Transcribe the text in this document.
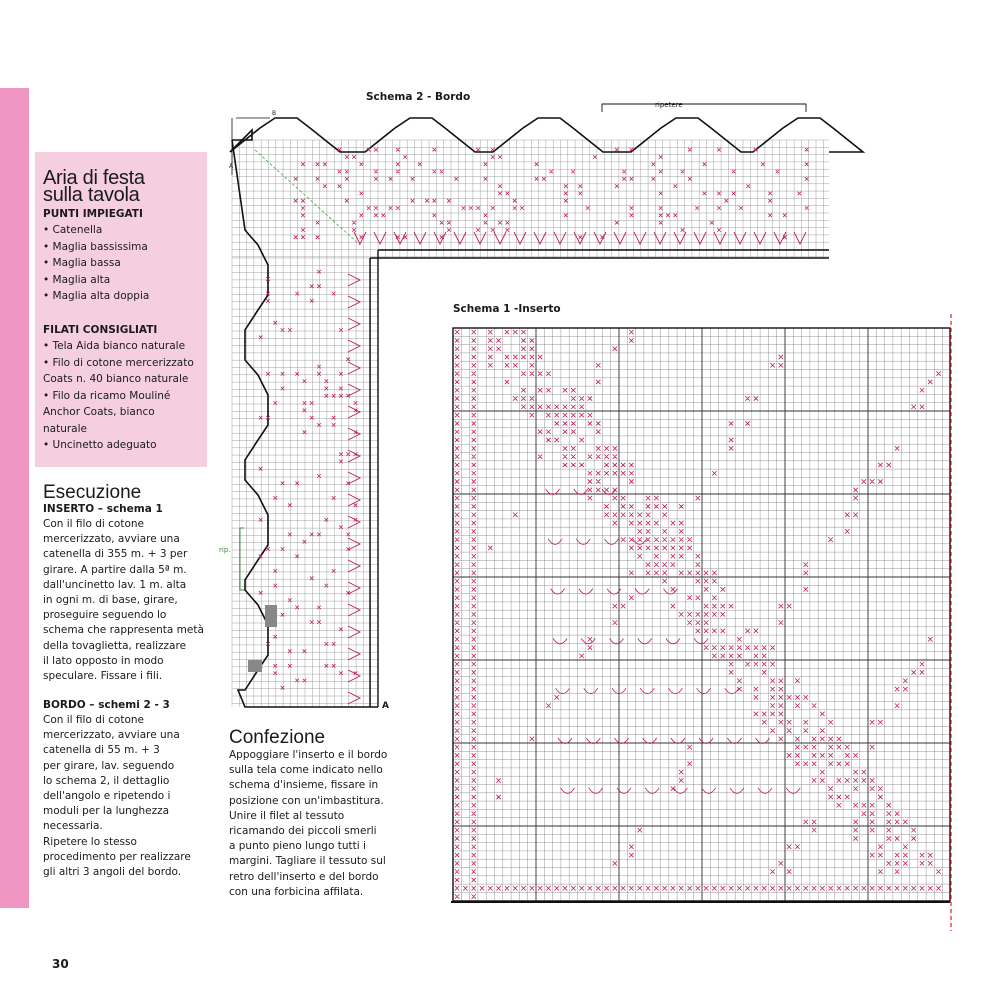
Aria di festa
sulla tavola
PUNTI IMPIEGATI
• Catenella
• Maglia bassissima
• Maglia bassa
• Maglia alta
• Maglia alta doppia
FILATI CONSIGLIATI
• Tela Aida bianco naturale
• Filo di cotone mercerizzato
Coats n. 40 bianco naturale
• Filo da ricamo Mouliné
Anchor Coats, bianco
naturale
• Uncinetto adeguato
Esecuzione
INSERTO – schema 1
Con il filo di cotone
mercerizzato, avviare una
catenella di 355 m. + 3 per
girare. A partire dalla 5ª m.
dall'uncinetto lav. 1 m. alta
in ogni m. di base, girare,
proseguire seguendo lo
schema che rappresenta metà
della tovaglietta, realizzare
il lato opposto in modo
speculare. Fissare i fili.
BORDO – schemi 2 - 3
Con il filo di cotone
mercerizzato, avviare una
catenella di 55 m. + 3
per girare, lav. seguendo
lo schema 2, il dettaglio
dell'angolo e ripetendo i
moduli per la lunghezza
necessaria.
Ripetere lo stesso
procedimento per realizzare
gli altri 3 angoli del bordo.
Confezione
Appoggiare l'inserto e il bordo
sulla tela come indicato nello
schema d'insieme, fissare in
posizione con un'imbastitura.
Unire il filet al tessuto
ricamando dei piccoli smerli
a punto pieno lungo tutti i
margini. Tagliare il tessuto sul
retro dell'inserto e del bordo
con una forbicina affilata.
Schema 2 - Bordo
Schema 1 -Inserto
ripetere
rip.
B
A
A
30
